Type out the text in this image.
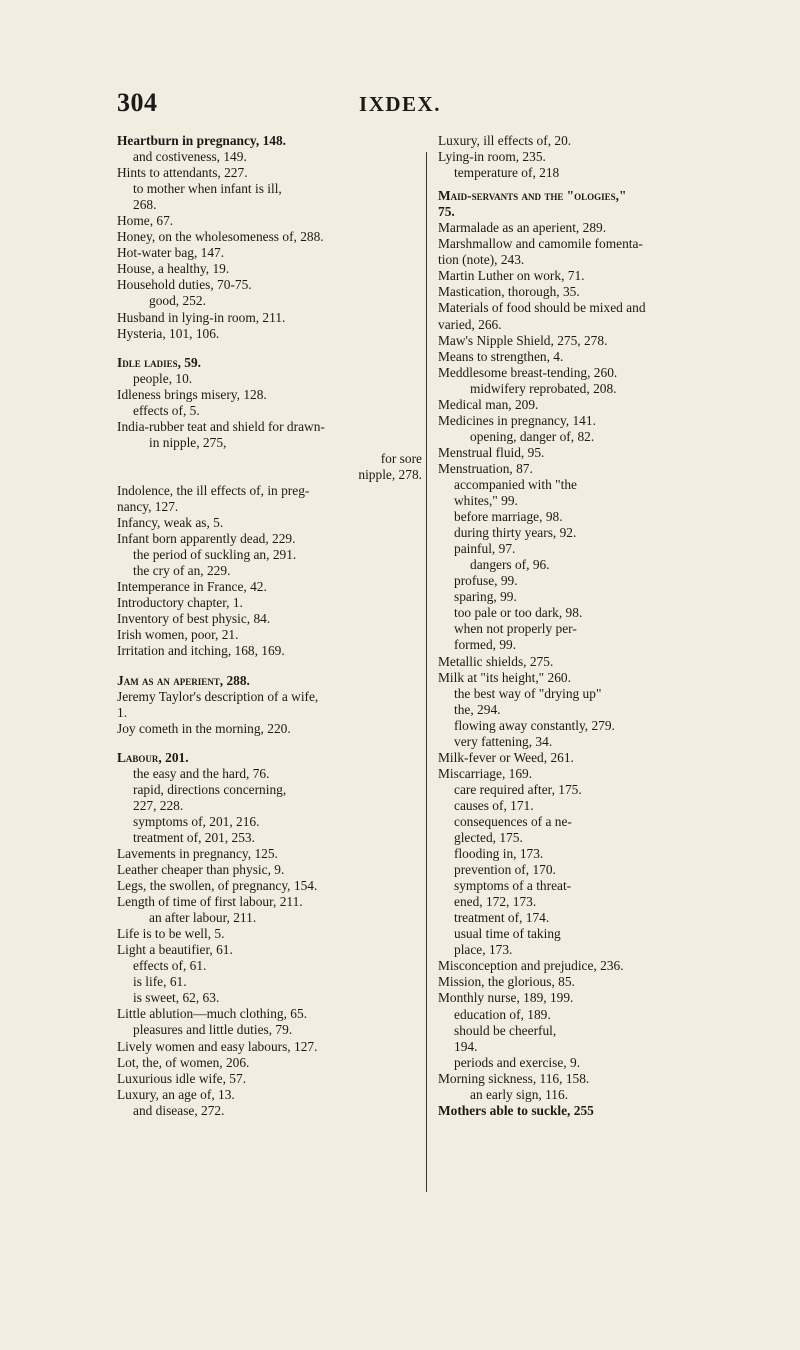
304	IXDEX.
Heartburn in pregnancy, 148.
and costiveness, 149.
Hints to attendants, 227.
to mother when infant is ill,
268.
Home, 67.
Honey, on the wholesomeness of, 288.
Hot-water bag, 147.
House, a healthy, 19.
Household duties, 70-75.
good, 252.
Husband in lying-in room, 211.
Hysteria, 101, 106.
Idle ladies, 59.
people, 10.
Idleness brings misery, 128.
effects of, 5.
India-rubber teat and shield for drawn-
in nipple, 275,
for sore
nipple, 278.
Indolence, the ill effects of, in preg-
nancy, 127.
Infancy, weak as, 5.
Infant born apparently dead, 229.
the period of suckling an, 291.
the cry of an, 229.
Intemperance in France, 42.
Introductory chapter, 1.
Inventory of best physic, 84.
Irish women, poor, 21.
Irritation and itching, 168, 169.
Jam as an aperient, 288.
Jeremy Taylor's description of a wife,
1.
Joy cometh in the morning, 220.
Labour, 201.
the easy and the hard, 76.
rapid, directions concerning,
227, 228.
symptoms of, 201, 216.
treatment of, 201, 253.
Lavements in pregnancy, 125.
Leather cheaper than physic, 9.
Legs, the swollen, of pregnancy, 154.
Length of time of first labour, 211.
an after labour, 211.
Life is to be well, 5.
Light a beautifier, 61.
effects of, 61.
is life, 61.
is sweet, 62, 63.
Little ablution—much clothing, 65.
pleasures and little duties, 79.
Lively women and easy labours, 127.
Lot, the, of women, 206.
Luxurious idle wife, 57.
Luxury, an age of, 13.
and disease, 272.
Luxury, ill effects of, 20.
Lying-in room, 235.
temperature of, 218
Maid-servants and the "ologies,"
75.
Marmalade as an aperient, 289.
Marshmallow and camomile fomenta-
tion (note), 243.
Martin Luther on work, 71.
Mastication, thorough, 35.
Materials of food should be mixed and
varied, 266.
Maw's Nipple Shield, 275, 278.
Means to strengthen, 4.
Meddlesome breast-tending, 260.
midwifery reprobated, 208.
Medical man, 209.
Medicines in pregnancy, 141.
opening, danger of, 82.
Menstrual fluid, 95.
Menstruation, 87.
accompanied with "the
whites," 99.
before marriage, 98.
during thirty years, 92.
painful, 97.
dangers of, 96.
profuse, 99.
sparing, 99.
too pale or too dark, 98.
when not properly per-
formed, 99.
Metallic shields, 275.
Milk at "its height," 260.
the best way of "drying up"
the, 294.
flowing away constantly, 279.
very fattening, 34.
Milk-fever or Weed, 261.
Miscarriage, 169.
care required after, 175.
causes of, 171.
consequences of a ne-
glected, 175.
flooding in, 173.
prevention of, 170.
symptoms of a threat-
ened, 172, 173.
treatment of, 174.
usual time of taking
place, 173.
Misconception and prejudice, 236.
Mission, the glorious, 85.
Monthly nurse, 189, 199.
education of, 189.
should be cheerful,
194.
periods and exercise, 9.
Morning sickness, 116, 158.
an early sign, 116.
Mothers able to suckle, 255
